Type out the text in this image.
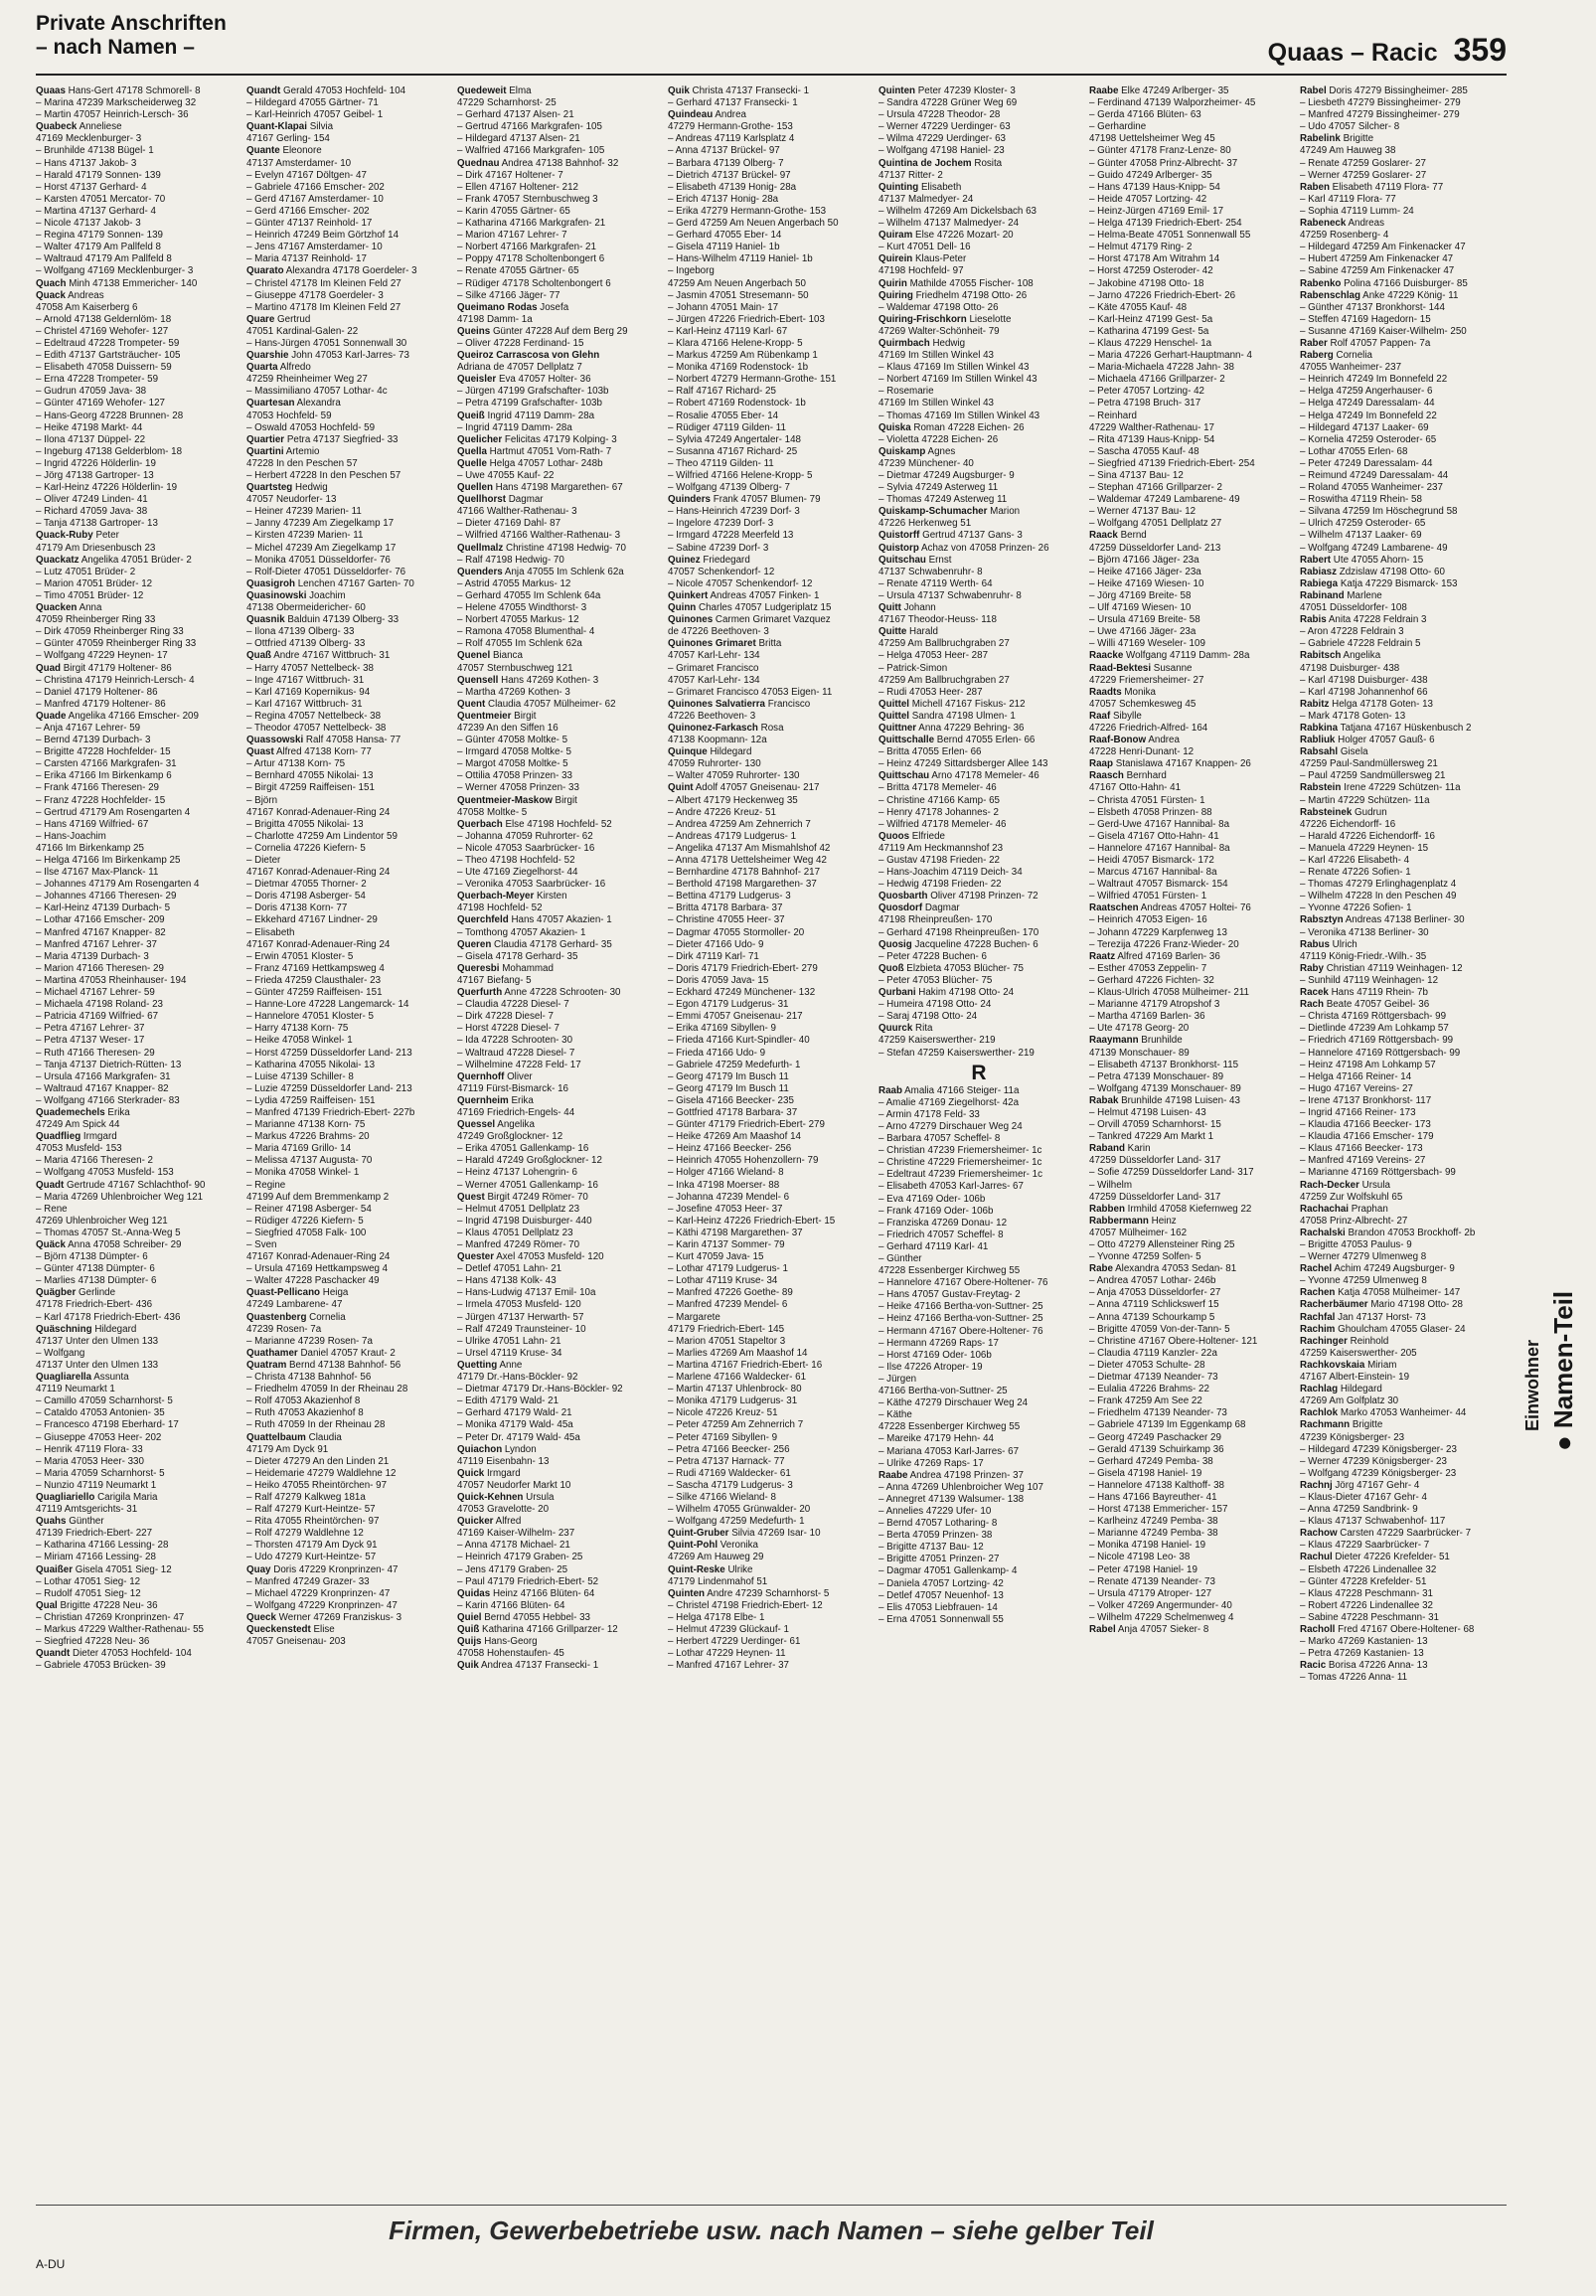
Private Anschriften
– nach Namen –	Quaas – Racic 359
Quaas Hans-Gert 47178 Schmorell- 8
– Marina 47239 Markscheiderweg 32
– Martin 47057 Heinrich-Lersch- 36
Quabeck Anneliese
47169 Mecklenburger- 3
– Brunhilde 47138 Bügel- 1
– Hans 47137 Jakob- 3
– Harald 47179 Sonnen- 139
– Horst 47137 Gerhard- 4
– Karsten 47051 Mercator- 70
– Martina 47137 Gerhard- 4
– Nicole 47137 Jakob- 3
– Regina 47179 Sonnen- 139
– Walter 47179 Am Pallfeld 8
– Waltraud 47179 Am Pallfeld 8
– Wolfgang 47169 Mecklenburger- 3
Quach Minh 47138 Emmericher- 140
Quack Andreas
47058 Am Kaiserberg 6
– Arnold 47138 Geldernlöm- 18
– Christel 47169 Wehofer- 127
– Edeltraud 47228 Trompeter- 59
– Edith 47137 Gartsträucher- 105
– Elisabeth 47058 Duissern- 59
– Erna 47228 Trompeter- 59
– Gudrun 47059 Java- 38
– Günter 47169 Wehofer- 127
– Hans-Georg 47228 Brunnen- 28
– Heike 47198 Markt- 44
– Ilona 47137 Düppel- 22
– Ingeburg 47138 Gelderblom- 18
– Ingrid 47226 Hölderlin- 19
– Jörg 47138 Gartroper- 13
– Karl-Heinz 47226 Hölderlin- 19
– Oliver 47249 Linden- 41
– Richard 47059 Java- 38
– Tanja 47138 Gartroper- 13
Quack-Ruby Peter
47179 Am Driesenbusch 23
Quackatz Angelika 47051 Brüder- 2
– Lutz 47051 Brüder- 2
– Marion 47051 Brüder- 12
– Timo 47051 Brüder- 12
Quacken Anna
47059 Rheinberger Ring 33
– Dirk 47059 Rheinberger Ring 33
– Günter 47059 Rheinberger Ring 33
– Wolfgang 47229 Heynen- 17
Quad Birgit 47179 Holtener- 86
– Christina 47179 Heinrich-Lersch- 4
– Daniel 47179 Holtener- 86
– Manfred 47179 Holtener- 86
Quade Angelika 47166 Emscher- 209
– Anja 47167 Lehrer- 59
– Bernd 47139 Durbach- 3
– Brigitte 47228 Hochfelder- 15
– Carsten 47166 Markgrafen- 31
– Erika 47166 Im Birkenkamp 6
– Frank 47166 Theresen- 29
– Franz 47228 Hochfelder- 15
– Gertrud 47179 Am Rosengarten 4
– Hans 47169 Wilfried- 67
– Hans-Joachim
47166 Im Birkenkamp 25
– Helga 47166 Im Birkenkamp 25
– Ilse 47167 Max-Planck- 11
– Johannes 47179 Am Rosengarten 4
– Johannes 47166 Theresen- 29
– Karl-Heinz 47139 Durbach- 5
– Lothar 47166 Emscher- 209
– Manfred 47167 Knapper- 82
– Manfred 47167 Lehrer- 37
– Maria 47139 Durbach- 3
– Marion 47166 Theresen- 29
– Martina 47053 Rheinhauser- 194
– Michael 47167 Lehrer- 59
– Michaela 47198 Roland- 23
– Patricia 47169 Wilfried- 67
– Petra 47167 Lehrer- 37
– Petra 47137 Weser- 17
– Ruth 47166 Theresen- 29
– Tanja 47137 Dietrich-Rütten- 13
– Ursula 47166 Markgrafen- 31
– Waltraud 47167 Knapper- 82
– Wolfgang 47166 Sterkrader- 83
Quademechels Erika
47249 Am Spick 44
Quadflieg Irmgard
47053 Musfeld- 153
– Maria 47166 Theresen- 2
– Wolfgang 47053 Musfeld- 153
Quadt Gertrude 47167 Schlachthof- 90
– Maria 47269 Uhlenbroicher Weg 121
– Rene
47269 Uhlenbroicher Weg 121
– Thomas 47057 St.-Anna-Weg 5
Quäck Anna 47058 Schreiber- 29
– Björn 47138 Dümpter- 6
– Günter 47138 Dümpter- 6
– Marlies 47138 Dümpter- 6
Quägber Gerlinde
47178 Friedrich-Ebert- 436
– Karl 47178 Friedrich-Ebert- 436
Quäschning Hildegard
47137 Unter den Ulmen 133
– Wolfgang
47137 Unter den Ulmen 133
Quagliarella Assunta
47119 Neumarkt 1
– Camillo 47059 Scharnhorst- 5
– Cataldo 47053 Antonien- 35
– Francesco 47198 Eberhard- 17
– Giuseppe 47053 Heer- 202
– Henrik 47119 Flora- 33
– Maria 47053 Heer- 330
– Maria 47059 Scharnhorst- 5
– Nunzio 47119 Neumarkt 1
Quagliariello Carigila Maria
47119 Amtsgerichts- 31
Quahs Günther
47139 Friedrich-Ebert- 227
– Katharina 47166 Lessing- 28
– Miriam 47166 Lessing- 28
Quaißer Gisela 47051 Sieg- 12
– Lothar 47051 Sieg- 12
– Rudolf 47051 Sieg- 12
Qual Brigitte 47228 Neu- 36
– Christian 47269 Kronprinzen- 47
– Markus 47229 Walther-Rathenau- 55
– Siegfried 47228 Neu- 36
Quandt Dieter 47053 Hochfeld- 104
– Gabriele 47053 Brücken- 39
Quandt Gerald 47053 Hochfeld- 104
– Hildegard 47055 Gärtner- 71
– Karl-Heinrich 47057 Geibel- 1
Quant-Klapai Silvia
47167 Gerling- 154
Quante Eleonore
47137 Amsterdamer- 10
– Evelyn 47167 Döltgen- 47
– Gabriele 47166 Emscher- 202
– Gerd 47167 Amsterdamer- 10
– Gerd 47166 Emscher- 202
– Günter 47137 Reinhold- 17
– Heinrich 47249 Beim Görtzhof 14
– Jens 47167 Amsterdamer- 10
– Maria 47137 Reinhold- 17
Quarato Alexandra 47178 Goerdeler- 3
– Christel 47178 Im Kleinen Feld 27
– Giuseppe 47178 Goerdeler- 3
– Martino 47178 Im Kleinen Feld 27
Quare Gertrud
47051 Kardinal-Galen- 22
– Hans-Jürgen 47051 Sonnenwall 30
Quarshie John 47053 Karl-Jarres- 73
Quarta Alfredo
47259 Rheinheimer Weg 27
– Massimiliano 47057 Lothar- 4c
Quartesan Alexandra
47053 Hochfeld- 59
– Oswald 47053 Hochfeld- 59
Quartier Petra 47137 Siegfried- 33
Quartini Artemio
47228 In den Peschen 57
– Herbert 47228 In den Peschen 57
Quartsteg Hedwig
47057 Neudorfer- 13
– Heiner 47239 Marien- 11
– Janny 47239 Am Ziegelkamp 17
– Kirsten 47239 Marien- 11
– Michel 47239 Am Ziegelkamp 17
– Monika 47051 Düsseldorfer- 76
– Rolf-Dieter 47051 Düsseldorfer- 76
Quasigroh Lenchen 47167 Garten- 70
Quasinowski Joachim
47138 Obermeidericher- 60
Quasnik Balduin 47139 Ölberg- 33
– Ilona 47139 Ölberg- 33
– Ottfried 47139 Ölberg- 33
Quaß Andre 47167 Wittbruch- 31
– Harry 47057 Nettelbeck- 38
– Inge 47167 Wittbruch- 31
– Karl 47169 Kopernikus- 94
– Karl 47167 Wittbruch- 31
– Regina 47057 Nettelbeck- 38
– Theodor 47057 Nettelbeck- 38
Quassowski Ralf 47058 Hansa- 77
Quast Alfred 47138 Korn- 77
– Artur 47138 Korn- 75
– Bernhard 47055 Nikolai- 13
– Birgit 47259 Raiffeisen- 151
– Björn
47167 Konrad-Adenauer-Ring 24
– Brigitta 47055 Nikolai- 13
– Charlotte 47259 Am Lindentor 59
– Cornelia 47226 Kiefern- 5
– Dieter
47167 Konrad-Adenauer-Ring 24
– Dietmar 47055 Thorner- 2
– Doris 47198 Asberger- 54
– Doris 47138 Korn- 77
– Ekkehard 47167 Lindner- 29
– Elisabeth
47167 Konrad-Adenauer-Ring 24
– Erwin 47051 Kloster- 5
– Franz 47169 Hettkampsweg 4
– Frieda 47259 Clausthaler- 23
– Günter 47259 Raiffeisen- 151
– Hanne-Lore 47228 Langemarck- 14
– Hannelore 47051 Kloster- 5
– Harry 47138 Korn- 75
– Heike 47058 Winkel- 1
– Horst 47259 Düsseldorfer Land- 213
– Katharina 47055 Nikolai- 13
– Luise 47139 Schiller- 8
– Luzie 47259 Düsseldorfer Land- 213
– Lydia 47259 Raiffeisen- 151
– Manfred 47139 Friedrich-Ebert- 227b
– Marianne 47138 Korn- 75
– Markus 47226 Brahms- 20
– Maria 47169 Grillo- 14
– Melissa 47137 Augusta- 70
– Monika 47058 Winkel- 1
– Regine
47199 Auf dem Bremmenkamp 2
– Reiner 47198 Asberger- 54
– Rüdiger 47226 Kiefern- 5
– Siegfried 47058 Falk- 100
– Sven
47167 Konrad-Adenauer-Ring 24
– Ursula 47169 Hettkampsweg 4
– Walter 47228 Paschacker 49
Quast-Pellicano Heiga
47249 Lambarene- 47
Quastenberg Cornelia
47239 Rosen- 7a
– Marianne 47239 Rosen- 7a
Quathamer Daniel 47057 Kraut- 2
Quatram Bernd 47138 Bahnhof- 56
– Christa 47138 Bahnhof- 56
– Friedhelm 47059 In der Rheinau 28
– Rolf 47053 Akazienhof 8
– Ruth 47053 Akazienhof 8
– Ruth 47059 In der Rheinau 28
Quattelbaum Claudia
47179 Am Dyck 91
– Dieter 47279 An den Linden 21
– Heidemarie 47279 Waldlehne 12
– Heiko 47055 Rheintörchen- 97
– Ralf 47279 Kalkweg 181a
– Ralf 47279 Kurt-Heintze- 57
– Rita 47055 Rheintörchen- 97
– Rolf 47279 Waldlehne 12
– Thorsten 47179 Am Dyck 91
– Udo 47279 Kurt-Heintze- 57
Quay Doris 47229 Kronprinzen- 47
– Manfred 47249 Grazer- 33
– Michael 47229 Kronprinzen- 47
– Wolfgang 47229 Kronprinzen- 47
Queck Werner 47269 Franziskus- 3
Queckenstedt Elise
47057 Gneisenau- 203
Quedeweit Elma
47229 Scharnhorst- 25
– Gerhard 47137 Alsen- 21
– Gertrud 47166 Markgrafen- 105
– Hildegard 47137 Alsen- 21
– Walfried 47166 Markgrafen- 105
Quednau Andrea 47138 Bahnhof- 32
– Dirk 47167 Holtener- 7
– Ellen 47167 Holtener- 212
– Frank 47057 Sternbuschweg 3
– Karin 47055 Gärtner- 65
– Katharina 47166 Markgrafen- 21
– Marion 47167 Lehrer- 7
– Norbert 47166 Markgrafen- 21
– Poppy 47178 Scholtenbongert 6
– Renate 47055 Gärtner- 65
– Rüdiger 47178 Scholtenbongert 6
– Silke 47166 Jäger- 77
Queimano Rodas Josefa
47198 Damm- 1a
Queins Günter 47228 Auf dem Berg 29
– Oliver 47228 Ferdinand- 15
Queiroz Carrascosa von Glehn
Adriana de 47057 Dellplatz 7
Queisler Eva 47057 Holter- 36
– Jürgen 47199 Grafschafter- 103b
– Petra 47199 Grafschafter- 103b
Queiß Ingrid 47119 Damm- 28a
– Ingrid 47119 Damm- 28a
Quelicher Felicitas 47179 Kolping- 3
Quella Hartmut 47051 Vom-Rath- 7
Quelle Helga 47057 Lothar- 248b
– Uwe 47055 Kauf- 22
Quellen Hans 47198 Margarethen- 67
Quellhorst Dagmar
47166 Walther-Rathenau- 3
– Dieter 47169 Dahl- 87
– Wilfried 47166 Walther-Rathenau- 3
Quellmalz Christine 47198 Hedwig- 70
– Ralf 47198 Hedwig- 70
Quenders Anja 47055 Im Schlenk 62a
– Astrid 47055 Markus- 12
– Gerhard 47055 Im Schlenk 64a
– Helene 47055 Windthorst- 3
– Norbert 47055 Markus- 12
– Ramona 47058 Blumenthal- 4
– Rolf 47055 Im Schlenk 62a
Quenel Bianca
47057 Sternbuschweg 121
Quensell Hans 47269 Kothen- 3
– Martha 47269 Kothen- 3
Quent Claudia 47057 Mülheimer- 62
Quentmeier Birgit
47239 An den Siffen 16
– Günter 47058 Moltke- 5
– Irmgard 47058 Moltke- 5
– Margot 47058 Moltke- 5
– Ottilia 47058 Prinzen- 33
– Werner 47058 Prinzen- 33
Quentmeier-Maskow Birgit
47058 Moltke- 5
Querbach Else 47198 Hochfeld- 52
– Johanna 47059 Ruhrorter- 62
– Nicole 47053 Saarbrücker- 16
– Theo 47198 Hochfeld- 52
– Ute 47169 Ziegelhorst- 44
– Veronika 47053 Saarbrücker- 16
Querbach-Meyer Kirsten
47198 Hochfeld- 52
Querchfeld Hans 47057 Akazien- 1
– Tomthong 47057 Akazien- 1
Queren Claudia 47178 Gerhard- 35
– Gisela 47178 Gerhard- 35
Queresbi Mohammad
47167 Biefang- 5
Querfurth Anne 47228 Schrooten- 30
– Claudia 47228 Diesel- 7
– Dirk 47228 Diesel- 7
– Horst 47228 Diesel- 7
– Ida 47228 Schrooten- 30
– Waltraud 47228 Diesel- 7
– Wilhelmine 47228 Feld- 17
Quernhoff Oliver
47119 Fürst-Bismarck- 16
Quernheim Erika
47169 Friedrich-Engels- 44
Quessel Angelika
47249 Großglockner- 12
– Erika 47051 Gallenkamp- 16
– Harald 47249 Großglockner- 12
– Heinz 47137 Lohengrin- 6
– Werner 47051 Gallenkamp- 16
Quest Birgit 47249 Römer- 70
– Helmut 47051 Dellplatz 23
– Ingrid 47198 Duisburger- 440
– Klaus 47051 Dellplatz 23
– Manfred 47249 Römer- 70
Quester Axel 47053 Musfeld- 120
– Detlef 47051 Lahn- 21
– Hans 47138 Kolk- 43
– Hans-Ludwig 47137 Emil- 10a
– Irmela 47053 Musfeld- 120
– Jürgen 47137 Herwarth- 57
– Ralf 47249 Traunsteiner- 10
– Ulrike 47051 Lahn- 21
– Ursel 47119 Kruse- 34
Quetting Anne
47179 Dr.-Hans-Böckler- 92
– Dietmar 47179 Dr.-Hans-Böckler- 92
– Edith 47179 Wald- 21
– Gerhard 47179 Wald- 21
– Monika 47179 Wald- 45a
– Peter Dr. 47179 Wald- 45a
Quiachon Lyndon
47119 Eisenbahn- 13
Quick Irmgard
47057 Neudorfer Markt 10
Quick-Kehnen Ursula
47053 Gravelotte- 20
Quicker Alfred
47169 Kaiser-Wilhelm- 237
– Anna 47178 Michael- 21
– Heinrich 47179 Graben- 25
– Jens 47179 Graben- 25
– Paul 47179 Friedrich-Ebert- 52
Quidas Heinz 47166 Blüten- 64
– Karin 47166 Blüten- 64
Quiel Bernd 47055 Hebbel- 33
Quiß Katharina 47166 Grillparzer- 12
Quijs Hans-Georg
47058 Hohenstaufen- 45
Quik Andrea 47137 Fransecki- 1
Quik Christa 47137 Fransecki- 1
– Gerhard 47137 Fransecki- 1
Quindeau Andrea
47279 Hermann-Grothe- 153
– Andreas 47119 Karlsplatz 4
– Anna 47137 Brückel- 97
– Barbara 47139 Ölberg- 7
– Dietrich 47137 Brückel- 97
– Elisabeth 47139 Honig- 28a
– Erich 47137 Honig- 28a
– Erika 47279 Hermann-Grothe- 153
– Gerd 47259 Am Neuen Angerbach 50
– Gerhard 47055 Eber- 14
– Gisela 47119 Haniel- 1b
– Hans-Wilhelm 47119 Haniel- 1b
– Ingeborg
47259 Am Neuen Angerbach 50
– Jasmin 47051 Stresemann- 50
– Johann 47051 Main- 17
– Jürgen 47226 Friedrich-Ebert- 103
– Karl-Heinz 47119 Karl- 67
– Klara 47166 Helene-Kropp- 5
– Markus 47259 Am Rübenkamp 1
– Monika 47169 Rodenstock- 1b
– Norbert 47279 Hermann-Grothe- 151
– Ralf 47167 Richard- 25
– Robert 47169 Rodenstock- 1b
– Rosalie 47055 Eber- 14
– Rüdiger 47119 Gilden- 11
– Sylvia 47249 Angertaler- 148
– Susanna 47167 Richard- 25
– Theo 47119 Gilden- 11
– Wilfried 47166 Helene-Kropp- 5
– Wolfgang 47139 Ölberg- 7
Quinders Frank 47057 Blumen- 79
– Hans-Heinrich 47239 Dorf- 3
– Ingelore 47239 Dorf- 3
– Irmgard 47228 Meerfeld 13
– Sabine 47239 Dorf- 3
Quinez Friedegard
47057 Schenkendorf- 12
– Nicole 47057 Schenkendorf- 12
Quinkert Andreas 47057 Finken- 1
Quinn Charles 47057 Ludgeriplatz 15
Quinones Carmen Grimaret Vazquez
de 47226 Beethoven- 3
Quinones Grimaret Britta
47057 Karl-Lehr- 134
– Grimaret Francisco
47057 Karl-Lehr- 134
– Grimaret Francisco 47053 Eigen- 11
Quinones Salvatierra Francisco
47226 Beethoven- 3
Quinonez-Farkasch Rosa
47138 Koopmann- 12a
Quinque Hildegard
47059 Ruhrorter- 130
– Walter 47059 Ruhrorter- 130
Quint Adolf 47057 Gneisenau- 217
– Albert 47179 Heckenweg 35
– Andre 47226 Kreuz- 51
– Andrea 47259 Am Zehnerrich 7
– Andreas 47179 Ludgerus- 1
– Angelika 47137 Am Mismahlshof 42
– Anna 47178 Uettelsheimer Weg 42
– Bernhardine 47178 Bahnhof- 217
– Berthold 47198 Margarethen- 37
– Bettina 47179 Ludgerus- 3
– Britta 47178 Barbara- 37
– Christine 47055 Heer- 37
– Dagmar 47055 Stormoller- 20
– Dieter 47166 Udo- 9
– Dirk 47119 Karl- 71
– Doris 47179 Friedrich-Ebert- 279
– Doris 47059 Java- 15
– Eckhard 47249 Münchener- 132
– Egon 47179 Ludgerus- 31
– Emmi 47057 Gneisenau- 217
– Erika 47169 Sibyllen- 9
– Frieda 47166 Kurt-Spindler- 40
– Frieda 47166 Udo- 9
– Gabriele 47259 Medefurth- 1
– Georg 47179 Im Busch 11
– Georg 47179 Im Busch 11
– Gisela 47166 Beecker- 235
– Gottfried 47178 Barbara- 37
– Günter 47179 Friedrich-Ebert- 279
– Heike 47269 Am Maashof 14
– Heinz 47166 Beecker- 256
– Heinrich 47055 Hohenzollern- 79
– Holger 47166 Wieland- 8
– Inka 47198 Moerser- 88
– Johanna 47239 Mendel- 6
– Josefine 47053 Heer- 37
– Karl-Heinz 47226 Friedrich-Ebert- 15
– Käthi 47198 Margarethen- 37
– Karin 47137 Sommer- 79
– Kurt 47059 Java- 15
– Lothar 47179 Ludgerus- 1
– Lothar 47119 Kruse- 34
– Manfred 47226 Goethe- 89
– Manfred 47239 Mendel- 6
– Margarete
47179 Friedrich-Ebert- 145
– Marion 47051 Stapeltor 3
– Marlies 47269 Am Maashof 14
– Martina 47167 Friedrich-Ebert- 16
– Marlene 47166 Waldecker- 61
– Martin 47137 Uhlenbrock- 80
– Monika 47179 Ludgerus- 31
– Nicole 47226 Kreuz- 51
– Peter 47259 Am Zehnerrich 7
– Peter 47169 Sibyllen- 9
– Petra 47166 Beecker- 256
– Petra 47137 Harnack- 77
– Rudi 47169 Waldecker- 61
– Sascha 47179 Ludgerus- 3
– Silke 47166 Wieland- 8
– Wilhelm 47055 Grünwalder- 20
– Wolfgang 47259 Medefurth- 1
Quint-Gruber Silvia 47269 Isar- 10
Quint-Pohl Veronika
47269 Am Hauweg 29
Quint-Reske Ulrike
47179 Lindenmahof 51
Quinten Andre 47239 Scharnhorst- 5
– Christel 47198 Friedrich-Ebert- 12
– Helga 47178 Elbe- 1
– Helmut 47239 Glückauf- 1
– Herbert 47229 Uerdinger- 61
– Lothar 47229 Heynen- 11
– Manfred 47167 Lehrer- 37
Quinten Peter 47239 Kloster- 3
– Sandra 47228 Grüner Weg 69
– Ursula 47228 Theodor- 28
– Werner 47229 Uerdinger- 63
– Wilma 47229 Uerdinger- 63
– Wolfgang 47198 Haniel- 23
Quintina de Jochem Rosita
47137 Ritter- 2
Quinting Elisabeth
47137 Malmedyer- 24
– Wilhelm 47269 Am Dickelsbach 63
– Wilhelm 47137 Malmedyer- 24
Quiram Else 47226 Mozart- 20
– Kurt 47051 Dell- 16
Quirein Klaus-Peter
47198 Hochfeld- 97
Quirin Mathilde 47055 Fischer- 108
Quiring Friedhelm 47198 Otto- 26
– Waldemar 47198 Otto- 26
Quiring-Frischkorn Lieselotte
47269 Walter-Schönheit- 79
Quirmbach Hedwig
47169 Im Stillen Winkel 43
– Klaus 47169 Im Stillen Winkel 43
– Norbert 47169 Im Stillen Winkel 43
– Rosemarie
47169 Im Stillen Winkel 43
– Thomas 47169 Im Stillen Winkel 43
Quiska Roman 47228 Eichen- 26
– Violetta 47228 Eichen- 26
Quiskamp Agnes
47239 Münchener- 40
– Dietmar 47249 Augsburger- 9
– Sylvia 47249 Asterweg 11
– Thomas 47249 Asterweg 11
Quiskamp-Schumacher Marion
47226 Herkenweg 51
Quistorff Gertrud 47137 Gans- 3
Quistorp Achaz von 47058 Prinzen- 26
Quitschau Ernst
47137 Schwabenruhr- 8
– Renate 47119 Werth- 64
– Ursula 47137 Schwabenruhr- 8
Quitt Johann
47167 Theodor-Heuss- 118
Quitte Harald
47259 Am Ballbruchgraben 27
– Helga 47053 Heer- 287
– Patrick-Simon
47259 Am Ballbruchgraben 27
– Rudi 47053 Heer- 287
Quittel Michell 47167 Fiskus- 212
Quittel Sandra 47198 Ulmen- 1
Quittner Anna 47229 Behring- 36
Quittschalle Bernd 47055 Erlen- 66
– Britta 47055 Erlen- 66
– Heinz 47249 Sittardsberger Allee 143
Quittschau Arno 47178 Memeler- 46
– Britta 47178 Memeler- 46
– Christine 47166 Kamp- 65
– Henry 47178 Johannes- 2
– Wilfried 47178 Memeler- 46
Quoos Elfriede
47119 Am Heckmannshof 23
– Gustav 47198 Frieden- 22
– Hans-Joachim 47119 Deich- 34
– Hedwig 47198 Frieden- 22
Quosbarth Oliver 47198 Prinzen- 72
Quosdorf Dagmar
47198 Rheinpreußen- 170
– Gerhard 47198 Rheinpreußen- 170
Quosig Jacqueline 47228 Buchen- 6
– Peter 47228 Buchen- 6
Quoß Elzbieta 47053 Blücher- 75
– Peter 47053 Blücher- 75
Qurbani Hakim 47198 Otto- 24
– Humeira 47198 Otto- 24
– Saraj 47198 Otto- 24
Quurck Rita
47259 Kaiserswerther- 219
– Stefan 47259 Kaiserswerther- 219
R
Raab Amalia 47166 Steiger- 11a
– Amalie 47169 Ziegelhorst- 42a
– Armin 47178 Feld- 33
– Arno 47279 Dirschauer Weg 24
– Barbara 47057 Scheffel- 8
– Christian 47239 Friemersheimer- 1c
– Christine 47229 Friemersheimer- 1c
– Edeltraut 47239 Friemersheimer- 1c
– Elisabeth 47053 Karl-Jarres- 67
– Eva 47169 Oder- 106b
– Frank 47169 Oder- 106b
– Franziska 47269 Donau- 12
– Friedrich 47057 Scheffel- 8
– Gerhard 47119 Karl- 41
– Günther
47228 Essenberger Kirchweg 55
– Hannelore 47167 Obere-Holtener- 76
– Hans 47057 Gustav-Freytag- 2
– Heike 47166 Bertha-von-Suttner- 25
– Heinz 47166 Bertha-von-Suttner- 25
– Hermann 47167 Obere-Holtener- 76
– Hermann 47269 Raps- 17
– Horst 47169 Oder- 106b
– Ilse 47226 Atroper- 19
– Jürgen
47166 Bertha-von-Suttner- 25
– Käthe 47279 Dirschauer Weg 24
– Käthe
47228 Essenberger Kirchweg 55
– Mareike 47179 Hehn- 44
– Mariana 47053 Karl-Jarres- 67
– Ulrike 47269 Raps- 17
Raabe Andrea 47198 Prinzen- 37
– Anna 47269 Uhlenbroicher Weg 107
– Annegret 47139 Walsumer- 138
– Annelies 47229 Ufer- 10
– Bernd 47057 Lotharing- 8
– Berta 47059 Prinzen- 38
– Brigitte 47137 Bau- 12
– Brigitte 47051 Prinzen- 27
– Dagmar 47051 Gallenkamp- 4
– Daniela 47057 Lortzing- 42
– Detlef 47057 Neuenhof- 13
– Elis 47053 Liebfrauen- 14
– Erna 47051 Sonnenwall 55
Raabe Elke 47249 Arlberger- 35
– Ferdinand 47139 Walporzheimer- 45
– Gerda 47166 Blüten- 63
– Gerhardine
47198 Uettelsheimer Weg 45
– Günter 47178 Franz-Lenze- 80
– Günter 47058 Prinz-Albrecht- 37
– Guido 47249 Arlberger- 35
– Hans 47139 Haus-Knipp- 54
– Heide 47057 Lortzing- 42
– Heinz-Jürgen 47169 Emil- 17
– Helga 47139 Friedrich-Ebert- 254
– Helma-Beate 47051 Sonnenwall 55
– Helmut 47179 Ring- 2
– Horst 47178 Am Witrahm 14
– Horst 47259 Osteroder- 42
– Jakobine 47198 Otto- 18
– Jarno 47226 Friedrich-Ebert- 26
– Käte 47055 Kauf- 48
– Karl-Heinz 47199 Gest- 5a
– Katharina 47199 Gest- 5a
– Klaus 47229 Henschel- 1a
– Maria 47226 Gerhart-Hauptmann- 4
– Maria-Michaela 47228 Jahn- 38
– Michaela 47166 Grillparzer- 2
– Peter 47057 Lortzing- 42
– Petra 47198 Bruch- 317
– Reinhard
47229 Walther-Rathenau- 17
– Rita 47139 Haus-Knipp- 54
– Sascha 47055 Kauf- 48
– Siegfried 47139 Friedrich-Ebert- 254
– Sina 47137 Bau- 12
– Stephan 47166 Grillparzer- 2
– Waldemar 47249 Lambarene- 49
– Werner 47137 Bau- 12
– Wolfgang 47051 Dellplatz 27
Raack Bernd
47259 Düsseldorfer Land- 213
– Björn 47166 Jäger- 23a
– Heike 47166 Jäger- 23a
– Heike 47169 Wiesen- 10
– Jörg 47169 Breite- 58
– Ulf 47169 Wiesen- 10
– Ursula 47169 Breite- 58
– Uwe 47166 Jäger- 23a
– Willi 47169 Weseler- 109
Raacke Wolfgang 47119 Damm- 28a
Raad-Bektesi Susanne
47229 Friemersheimer- 27
Raadts Monika
47057 Schemkesweg 45
Raaf Sibylle
47226 Friedrich-Alfred- 164
Raaf-Bonow Andrea
47228 Henri-Dunant- 12
Raap Stanislawa 47167 Knappen- 26
Raasch Bernhard
47167 Otto-Hahn- 41
– Christa 47051 Fürsten- 1
– Elsbeth 47058 Prinzen- 88
– Gerd-Uwe 47167 Hannibal- 8a
– Gisela 47167 Otto-Hahn- 41
– Hannelore 47167 Hannibal- 8a
– Heidi 47057 Bismarck- 172
– Marcus 47167 Hannibal- 8a
– Waltraut 47057 Bismarck- 154
– Wilfried 47051 Fürsten- 1
Raatschen Andreas 47057 Holtei- 76
– Heinrich 47053 Eigen- 16
– Johann 47229 Karpfenweg 13
– Terezija 47226 Franz-Wieder- 20
Raatz Alfred 47169 Barlen- 36
– Esther 47053 Zeppelin- 7
– Gerhard 47226 Fichten- 32
– Klaus-Ulrich 47058 Mülheimer- 211
– Marianne 47179 Atropshof 3
– Martha 47169 Barlen- 36
– Ute 47178 Georg- 20
Raaymann Brunhilde
47139 Monschauer- 89
– Elisabeth 47137 Bronkhorst- 115
– Petra 47139 Monschauer- 89
– Wolfgang 47139 Monschauer- 89
Rabak Brunhilde 47198 Luisen- 43
– Helmut 47198 Luisen- 43
– Orvill 47059 Scharnhorst- 15
– Tankred 47229 Am Markt 1
Raband Karin
47259 Düsseldorfer Land- 317
– Sofie 47259 Düsseldorfer Land- 317
– Wilhelm
47259 Düsseldorfer Land- 317
Rabben Irmhild 47058 Kiefernweg 22
Rabbermann Heinz
47057 Mülheimer- 162
– Otto 47279 Allensteiner Ring 25
– Yvonne 47259 Solfen- 5
Rabe Alexandra 47053 Sedan- 81
– Andrea 47057 Lothar- 246b
– Anja 47053 Düsseldorfer- 27
– Anna 47119 Schlickswerf 15
– Anna 47139 Schourkamp 5
– Brigitte 47059 Von-der-Tann- 5
– Christine 47167 Obere-Holtener- 121
– Claudia 47119 Kanzler- 22a
– Dieter 47053 Schulte- 28
– Dietmar 47139 Neander- 73
– Eulalia 47226 Brahms- 22
– Frank 47259 Am See 22
– Friedhelm 47139 Neander- 73
– Gabriele 47139 Im Eggenkamp 68
– Georg 47249 Paschacker 29
– Gerald 47139 Schuirkamp 36
– Gerhard 47249 Pemba- 38
– Gisela 47198 Haniel- 19
– Hannelore 47138 Kalthoff- 38
– Hans 47166 Bayreuther- 41
– Horst 47138 Emmericher- 157
– Karlheinz 47249 Pemba- 38
– Marianne 47249 Pemba- 38
– Monika 47198 Haniel- 19
– Nicole 47198 Leo- 38
– Peter 47198 Haniel- 19
– Renate 47139 Neander- 73
– Ursula 47179 Atroper- 127
– Volker 47269 Angermunder- 40
– Wilhelm 47229 Schelmenweg 4
Rabel Anja 47057 Sieker- 8
Rabel Doris 47279 Bissingheimer- 285
– Liesbeth 47279 Bissingheimer- 279
– Manfred 47279 Bissingheimer- 279
– Udo 47057 Silcher- 8
Rabelink Brigitte
47249 Am Hauweg 38
– Renate 47259 Goslarer- 27
– Werner 47259 Goslarer- 27
Raben Elisabeth 47119 Flora- 77
– Karl 47119 Flora- 77
– Sophia 47119 Lumm- 24
Rabeneck Andreas
47259 Rosenberg- 4
– Hildegard 47259 Am Finkenacker 47
– Hubert 47259 Am Finkenacker 47
– Sabine 47259 Am Finkenacker 47
Rabenko Polina 47166 Duisburger- 85
Rabenschlag Anke 47229 König- 11
– Günther 47137 Bronkhorst- 144
– Steffen 47169 Hagedorn- 15
– Susanne 47169 Kaiser-Wilhelm- 250
Raber Rolf 47057 Pappen- 7a
Raberg Cornelia
47055 Wanheimer- 237
– Heinrich 47249 Im Bonnefeld 22
– Helga 47259 Angerhauser- 6
– Helga 47249 Daressalam- 44
– Helga 47249 Im Bonnefeld 22
– Hildegard 47137 Laaker- 69
– Kornelia 47259 Osteroder- 65
– Lothar 47055 Erlen- 68
– Peter 47249 Daressalam- 44
– Reimund 47249 Daressalam- 44
– Roland 47055 Wanheimer- 237
– Roswitha 47119 Rhein- 58
– Silvana 47259 Im Höschegrund 58
– Ulrich 47259 Osteroder- 65
– Wilhelm 47137 Laaker- 69
– Wolfgang 47249 Lambarene- 49
Rabert Ute 47055 Ahorn- 15
Rabiasz Zdzislaw 47198 Otto- 60
Rabiega Katja 47229 Bismarck- 153
Rabinand Marlene
47051 Düsseldorfer- 108
Rabis Anita 47228 Feldrain 3
– Aron 47228 Feldrain 3
– Gabriele 47228 Feldrain 5
Rabitsch Angelika
47198 Duisburger- 438
– Karl 47198 Duisburger- 438
– Karl 47198 Johannenhof 66
Rabitz Helga 47178 Goten- 13
– Mark 47178 Goten- 13
Rabkina Tatjana 47167 Hüskenbusch 2
Rabliuk Holger 47057 Gauß- 6
Rabsahl Gisela
47259 Paul-Sandmüllersweg 21
– Paul 47259 Sandmüllersweg 21
Rabstein Irene 47229 Schützen- 11a
– Martin 47229 Schützen- 11a
Rabsteinek Gudrun
47226 Eichendorff- 16
– Harald 47226 Eichendorff- 16
– Manuela 47229 Heynen- 15
– Karl 47226 Elisabeth- 4
– Renate 47226 Sofien- 1
– Thomas 47279 Erlinghagenplatz 4
– Wilhelm 47228 In den Peschen 49
– Yvonne 47226 Sofien- 1
Rabsztyn Andreas 47138 Berliner- 30
– Veronika 47138 Berliner- 30
Rabus Ulrich
47119 König-Friedr.-Wilh.- 35
Raby Christian 47119 Weinhagen- 12
– Sunhild 47119 Weinhagen- 12
Racek Hans 47119 Rhein- 7b
Rach Beate 47057 Geibel- 36
– Christa 47169 Röttgersbach- 99
– Dietlinde 47239 Am Lohkamp 57
– Friedrich 47169 Röttgersbach- 99
– Hannelore 47169 Röttgersbach- 99
– Heinz 47198 Am Lohkamp 57
– Helga 47166 Reiner- 14
– Hugo 47167 Vereins- 27
– Irene 47137 Bronkhorst- 117
– Ingrid 47166 Reiner- 173
– Klaudia 47166 Beecker- 173
– Klaudia 47166 Emscher- 179
– Klaus 47166 Beecker- 173
– Manfred 47169 Vereins- 27
– Marianne 47169 Röttgersbach- 99
Rach-Decker Ursula
47259 Zur Wolfskuhl 65
Rachachai Praphan
47058 Prinz-Albrecht- 27
Rachalski Brandon 47053 Brockhoff- 2b
– Brigitte 47053 Paulus- 9
– Werner 47279 Ulmenweg 8
Rachel Achim 47249 Augsburger- 9
– Yvonne 47259 Ulmenweg 8
Rachen Katja 47058 Mülheimer- 147
Racherbäumer Mario 47198 Otto- 28
Rachfal Jan 47137 Horst- 73
Rachim Ghoulcham 47055 Glaser- 24
Rachinger Reinhold
47259 Kaiserswerther- 205
Rachkovskaia Miriam
47167 Albert-Einstein- 19
Rachlag Hildegard
47269 Am Golfplatz 30
Rachlok Marko 47053 Wanheimer- 44
Rachmann Brigitte
47239 Königsberger- 23
– Hildegard 47239 Königsberger- 23
– Werner 47239 Königsberger- 23
– Wolfgang 47239 Königsberger- 23
Rachnj Jörg 47167 Gehr- 4
– Klaus-Dieter 47167 Gehr- 4
– Anna 47259 Sandbrink- 9
– Klaus 47137 Schwabenhof- 117
Rachow Carsten 47229 Saarbrücker- 7
– Klaus 47229 Saarbrücker- 7
Rachul Dieter 47226 Krefelder- 51
– Elsbeth 47226 Lindenallee 32
– Günter 47228 Krefelder- 51
– Klaus 47228 Peschmann- 31
– Robert 47226 Lindenallee 32
– Sabine 47228 Peschmann- 31
Racholl Fred 47167 Obere-Holtener- 68
– Marko 47269 Kastanien- 13
– Petra 47269 Kastanien- 13
Racic Borisa 47226 Anna- 13
– Tomas 47226 Anna- 11
Einwohner ● Namen-Teil
Firmen, Gewerbebetriebe usw. nach Namen – siehe gelber Teil
A-DU
